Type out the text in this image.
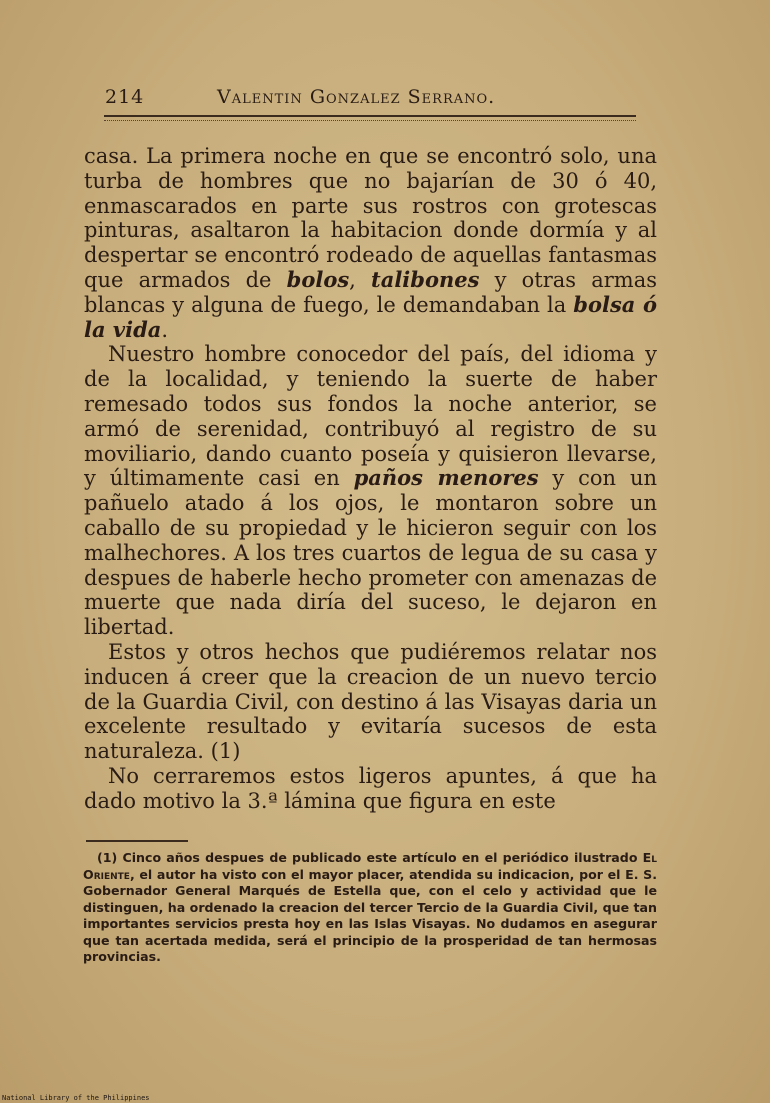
214	Valentin Gonzalez Serrano.

casa. La primera noche en que se encontró solo, una turba de hombres que no bajarían de 30 ó 40, enmascarados en parte sus rostros con grotescas pinturas, asaltaron la habitacion donde dormía y al despertar se encontró rodeado de aquellas fantasmas que armados de bolos, talibones y otras armas blancas y alguna de fuego, le demandaban la bolsa ó la vida.

Nuestro hombre conocedor del país, del idioma y de la localidad, y teniendo la suerte de haber remesado todos sus fondos la noche anterior, se armó de serenidad, contribuyó al registro de su moviliario, dando cuanto poseía y quisieron llevarse, y últimamente casi en paños menores y con un pañuelo atado á los ojos, le montaron sobre un caballo de su propiedad y le hicieron seguir con los malhechores. A los tres cuartos de legua de su casa y despues de haberle hecho prometer con amenazas de muerte que nada diría del suceso, le dejaron en libertad.

Estos y otros hechos que pudiéremos relatar nos inducen á creer que la creacion de un nuevo tercio de la Guardia Civil, con destino á las Visayas daria un excelente resultado y evitaría sucesos de esta naturaleza. (1)

No cerraremos estos ligeros apuntes, á que ha dado motivo la 3.ª lámina que figura en este

(1) Cinco años despues de publicado este artículo en el periódico ilustrado El Oriente, el autor ha visto con el mayor placer, atendida su indicacion, por el E. S. Gobernador General Marqués de Estella que, con el celo y actividad que le distinguen, ha ordenado la creacion del tercer Tercio de la Guardia Civil, que tan importantes servicios presta hoy en las Islas Visayas. No dudamos en asegurar que tan acertada medida, será el principio de la prosperidad de tan hermosas provincias.

National Library of the Philippines
